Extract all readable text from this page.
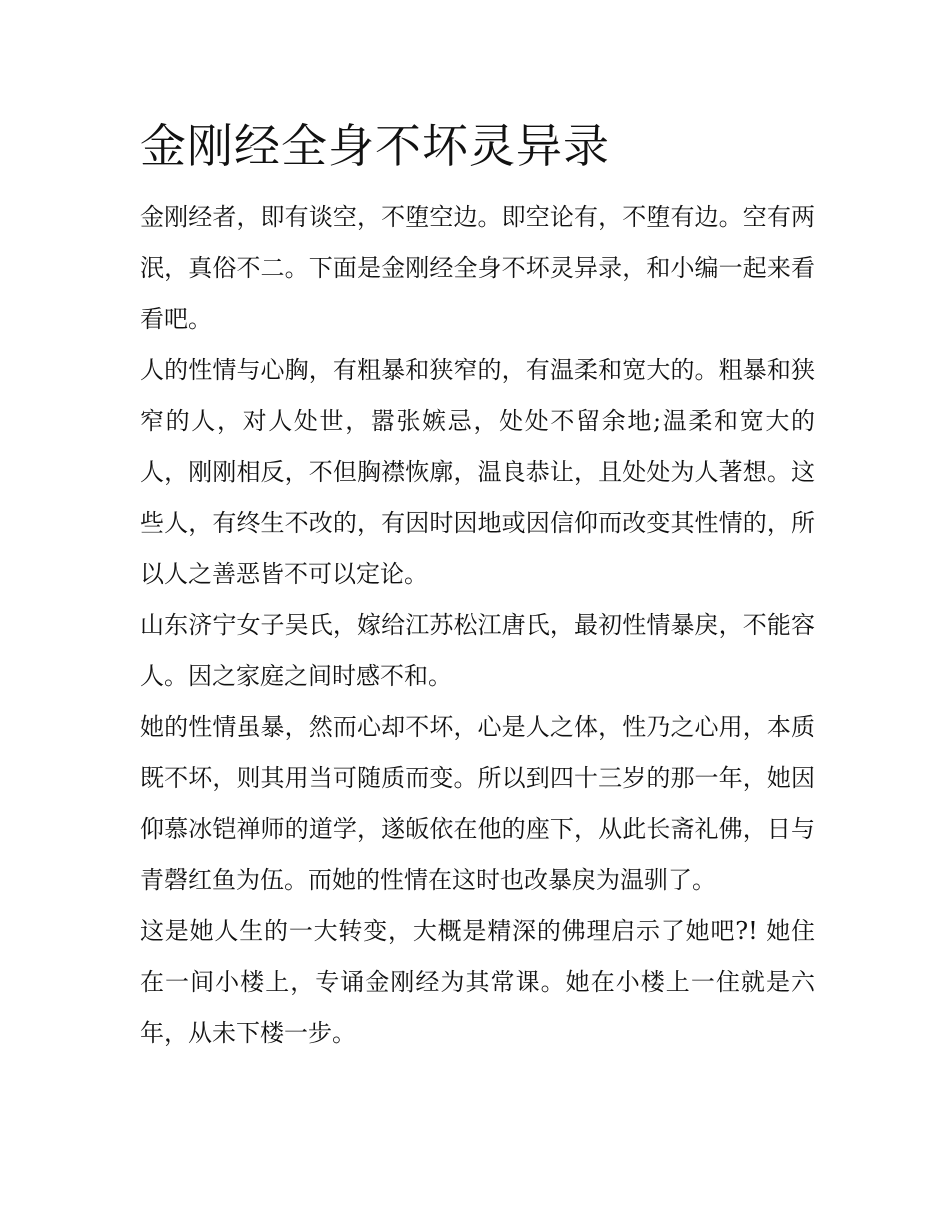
金刚经全身不坏灵异录

金刚经者，即有谈空，不堕空边。即空论有，不堕有边。空有两泯，真俗不二。下面是金刚经全身不坏灵异录，和小编一起来看看吧。

人的性情与心胸，有粗暴和狭窄的，有温柔和宽大的。粗暴和狭窄的人，对人处世，嚣张嫉忌，处处不留余地;温柔和宽大的人，刚刚相反，不但胸襟恢廓，温良恭让，且处处为人著想。这些人，有终生不改的，有因时因地或因信仰而改变其性情的，所以人之善恶皆不可以定论。

山东济宁女子吴氏，嫁给江苏松江唐氏，最初性情暴戾，不能容人。因之家庭之间时感不和。

她的性情虽暴，然而心却不坏，心是人之体，性乃之心用，本质既不坏，则其用当可随质而变。所以到四十三岁的那一年，她因仰慕冰铠禅师的道学，遂皈依在他的座下，从此长斋礼佛，日与青磬红鱼为伍。而她的性情在这时也改暴戾为温驯了。

这是她人生的一大转变，大概是精深的佛理启示了她吧?! 她住在一间小楼上，专诵金刚经为其常课。她在小楼上一住就是六年，从未下楼一步。
